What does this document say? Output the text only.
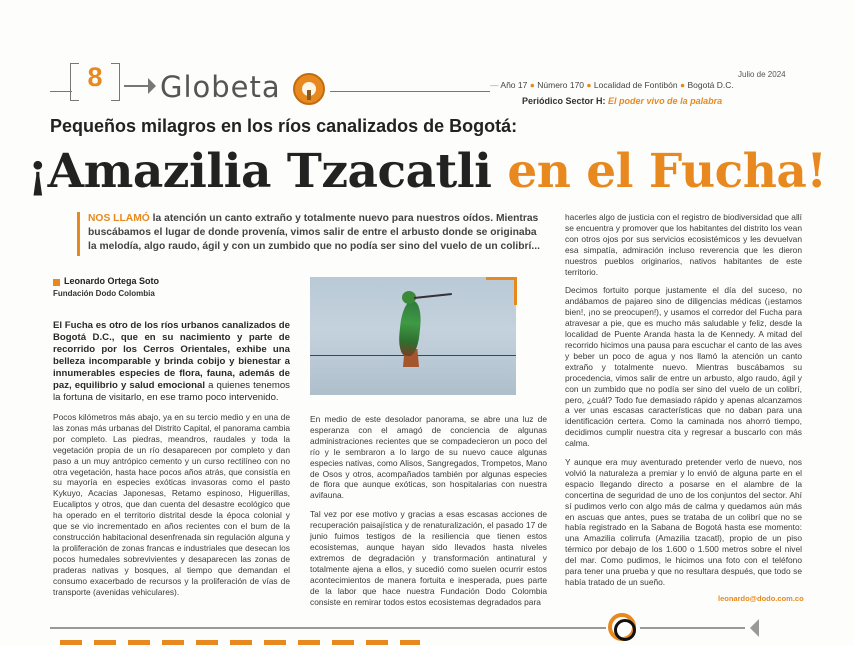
8 Globeta	Julio de 2024
— Año 17 ● Número 170 ● Localidad de Fontibón ● Bogotá D.C.
Periódico Sector H: El poder vivo de la palabra
Pequeños milagros en los ríos canalizados de Bogotá:
¡Amazilia Tzacatli en el Fucha!
NOS LLAMÓ la atención un canto extraño y totalmente nuevo para nuestros oídos. Mientras buscábamos el lugar de donde provenía, vimos salir de entre el arbusto donde se originaba la melodía, algo raudo, ágil y con un zumbido que no podía ser sino del vuelo de un colibrí...
Leonardo Ortega Soto
Fundación Dodo Colombia

El Fucha es otro de los ríos urbanos canalizados de Bogotá D.C., que en su nacimiento y parte de recorrido por los Cerros Orientales, exhibe una belleza incomparable y brinda cobijo y bienestar a innumerables especies de flora, fauna, además de paz, equilibrio y salud emocional a quienes tenemos la fortuna de visitarlo, en ese tramo poco intervenido.

Pocos kilómetros más abajo, ya en su tercio medio y en una de las zonas más urbanas del Distrito Capital, el panorama cambia por completo. Las piedras, meandros, raudales y toda la vegetación propia de un río desaparecen por completo y dan paso a un muy antrópico cemento y un curso rectilíneo con no otra vegetación, hasta hace pocos años atrás, que consistía en su mayoría en especies exóticas invasoras como el pasto Kykuyo, Acacias Japonesas, Retamo espinoso, Higuerillas, Eucaliptos y otros, que dan cuenta del desastre ecológico que ha operado en el territorio distrital desde la época colonial y que se vio incrementado en años recientes con el bum de la construcción habitacional desenfrenada sin regulación alguna y la proliferación de zonas francas e industriales que desecan los pocos humedales sobrevivientes y desaparecen las zonas de praderas nativas y bosques, al tiempo que demandan el consumo exacerbado de recursos y la proliferación de vías de transporte (avenidas vehiculares).

En medio de este desolador panorama, se abre una luz de esperanza con el amagó de conciencia de algunas administraciones recientes que se compadecieron un poco del río y le sembraron a lo largo de su nuevo cauce algunas especies nativas, como Alisos, Sangregados, Trompetos, Mano de Osos y otros, acompañados también por algunas especies de flora que aunque exóticas, son hospitalarias con nuestra avifauna.

Tal vez por ese motivo y gracias a esas escasas acciones de recuperación paisajística y de renaturalización, el pasado 17 de junio fuimos testigos de la resiliencia que tienen estos ecosistemas, aunque hayan sido llevados hasta niveles extremos de degradación y transformación antinatural y totalmente ajena a ellos, y sucedió como suelen ocurrir estos acontecimientos de manera fortuita e inesperada, pues parte de la labor que hace nuestra Fundación Dodo Colombia consiste en remirar todos estos ecosistemas degradados para

hacerles algo de justicia con el registro de biodiversidad que allí se encuentra y promover que los habitantes del distrito los vean con otros ojos por sus servicios ecosistémicos y les devuelvan esa simpatía, admiración incluso reverencia que les dieron nuestros pueblos originarios, nativos habitantes de este territorio.

Decimos fortuito porque justamente el día del suceso, no andábamos de pajareo sino de diligencias médicas (¡estamos bien!, ¡no se preocupen!), y usamos el corredor del Fucha para atravesar a pie, que es mucho más saludable y feliz, desde la localidad de Puente Aranda hasta la de Kennedy. A mitad del recorrido hicimos una pausa para escuchar el canto de las aves y beber un poco de agua y nos llamó la atención un canto extraño y totalmente nuevo. Mientras buscábamos su procedencia, vimos salir de entre un arbusto, algo raudo, ágil y con un zumbido que no podía ser sino del vuelo de un colibrí, pero, ¿cuál? Todo fue demasiado rápido y apenas alcanzamos a ver unas escasas características que no daban para una identificación certera. Como la caminada nos ahorró tiempo, decidimos cumplir nuestra cita y regresar a buscarlo con más calma.

Y aunque era muy aventurado pretender verlo de nuevo, nos volvió la naturaleza a premiar y lo envió de alguna parte en el espacio llegando directo a posarse en el alambre de la concertina de seguridad de uno de los conjuntos del sector. Ahí sí pudimos verlo con algo más de calma y quedamos aún más en ascuas que antes, pues se trataba de un colibrí que no se había registrado en la Sabana de Bogotá hasta ese momento: una Amazilia colirrufa (Amazilia tzacatl), propio de un piso térmico por debajo de los 1.600 o 1.500 metros sobre el nivel del mar. Como pudimos, le hicimos una foto con el teléfono para tener una prueba y que no resultara después, que todo se había tratado de un sueño.

leonardo@dodo.com.co
